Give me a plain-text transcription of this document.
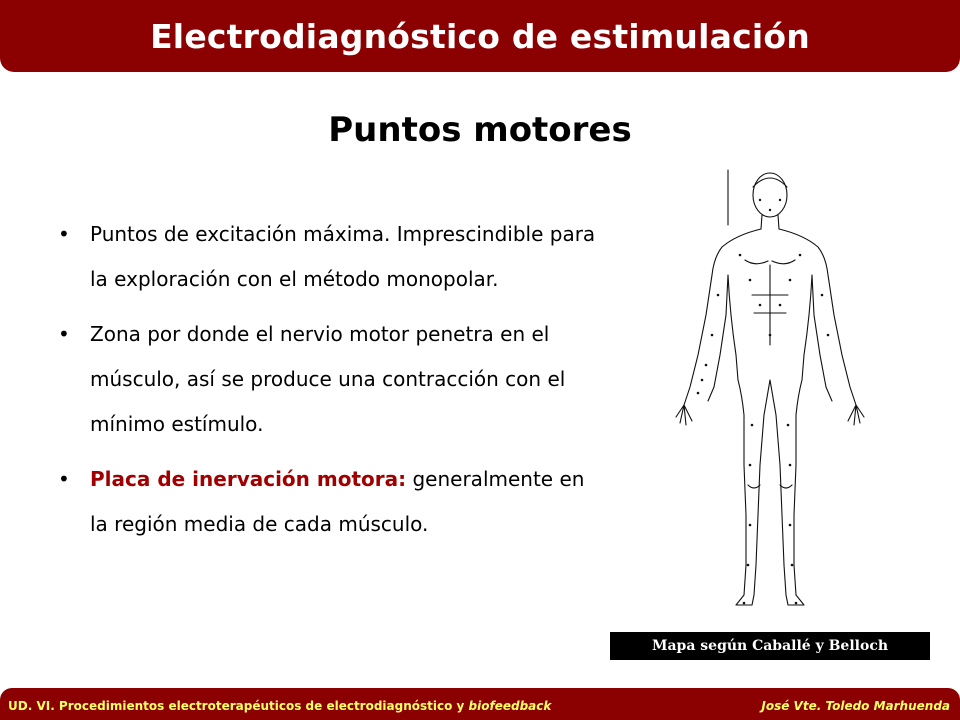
Electrodiagnóstico de estimulación
Puntos motores
• Puntos de excitación máxima. Imprescindible para la exploración con el método monopolar.
• Zona por donde el nervio motor penetra en el músculo, así se produce una contracción con el mínimo estímulo.
• Placa de inervación motora: generalmente en la región media de cada músculo.
Mapa según Caballé y Belloch
UD. VI. Procedimientos electroterapéuticos de electrodiagnóstico y biofeedback	José Vte. Toledo Marhuenda
